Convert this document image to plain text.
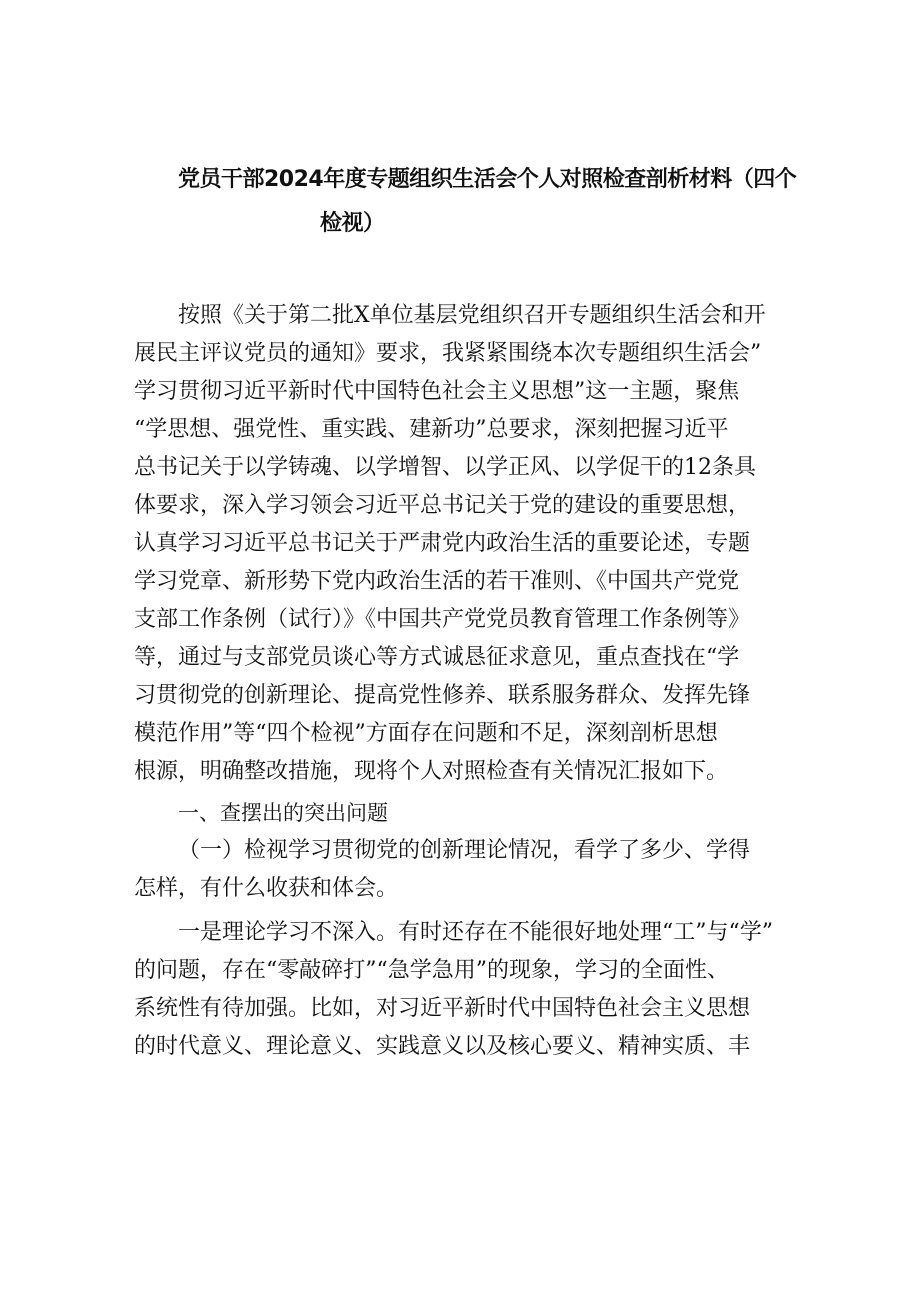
党员干部2024年度专题组织生活会个人对照检查剖析材料（四个
检视）
按照《关于第二批X单位基层党组织召开专题组织生活会和开
展民主评议党员的通知》要求，我紧紧围绕本次专题组织生活会”
学习贯彻习近平新时代中国特色社会主义思想”这一主题，聚焦
“学思想、强党性、重实践、建新功”总要求，深刻把握习近平
总书记关于以学铸魂、以学增智、以学正风、以学促干的12条具
体要求，深入学习领会习近平总书记关于党的建设的重要思想，
认真学习习近平总书记关于严肃党内政治生活的重要论述，专题
学习党章、新形势下党内政治生活的若干准则、《中国共产党党
支部工作条例（试行）》《中国共产党党员教育管理工作条例等》
等，通过与支部党员谈心等方式诚恳征求意见，重点查找在“学
习贯彻党的创新理论、提高党性修养、联系服务群众、发挥先锋
模范作用”等“四个检视”方面存在问题和不足，深刻剖析思想
根源，明确整改措施，现将个人对照检查有关情况汇报如下。
一、查摆出的突出问题
（一）检视学习贯彻党的创新理论情况，看学了多少、学得
怎样，有什么收获和体会。
一是理论学习不深入。有时还存在不能很好地处理“工”与“学”
的问题，存在“零敲碎打”“急学急用”的现象，学习的全面性、
系统性有待加强。比如，对习近平新时代中国特色社会主义思想
的时代意义、理论意义、实践意义以及核心要义、精神实质、丰
